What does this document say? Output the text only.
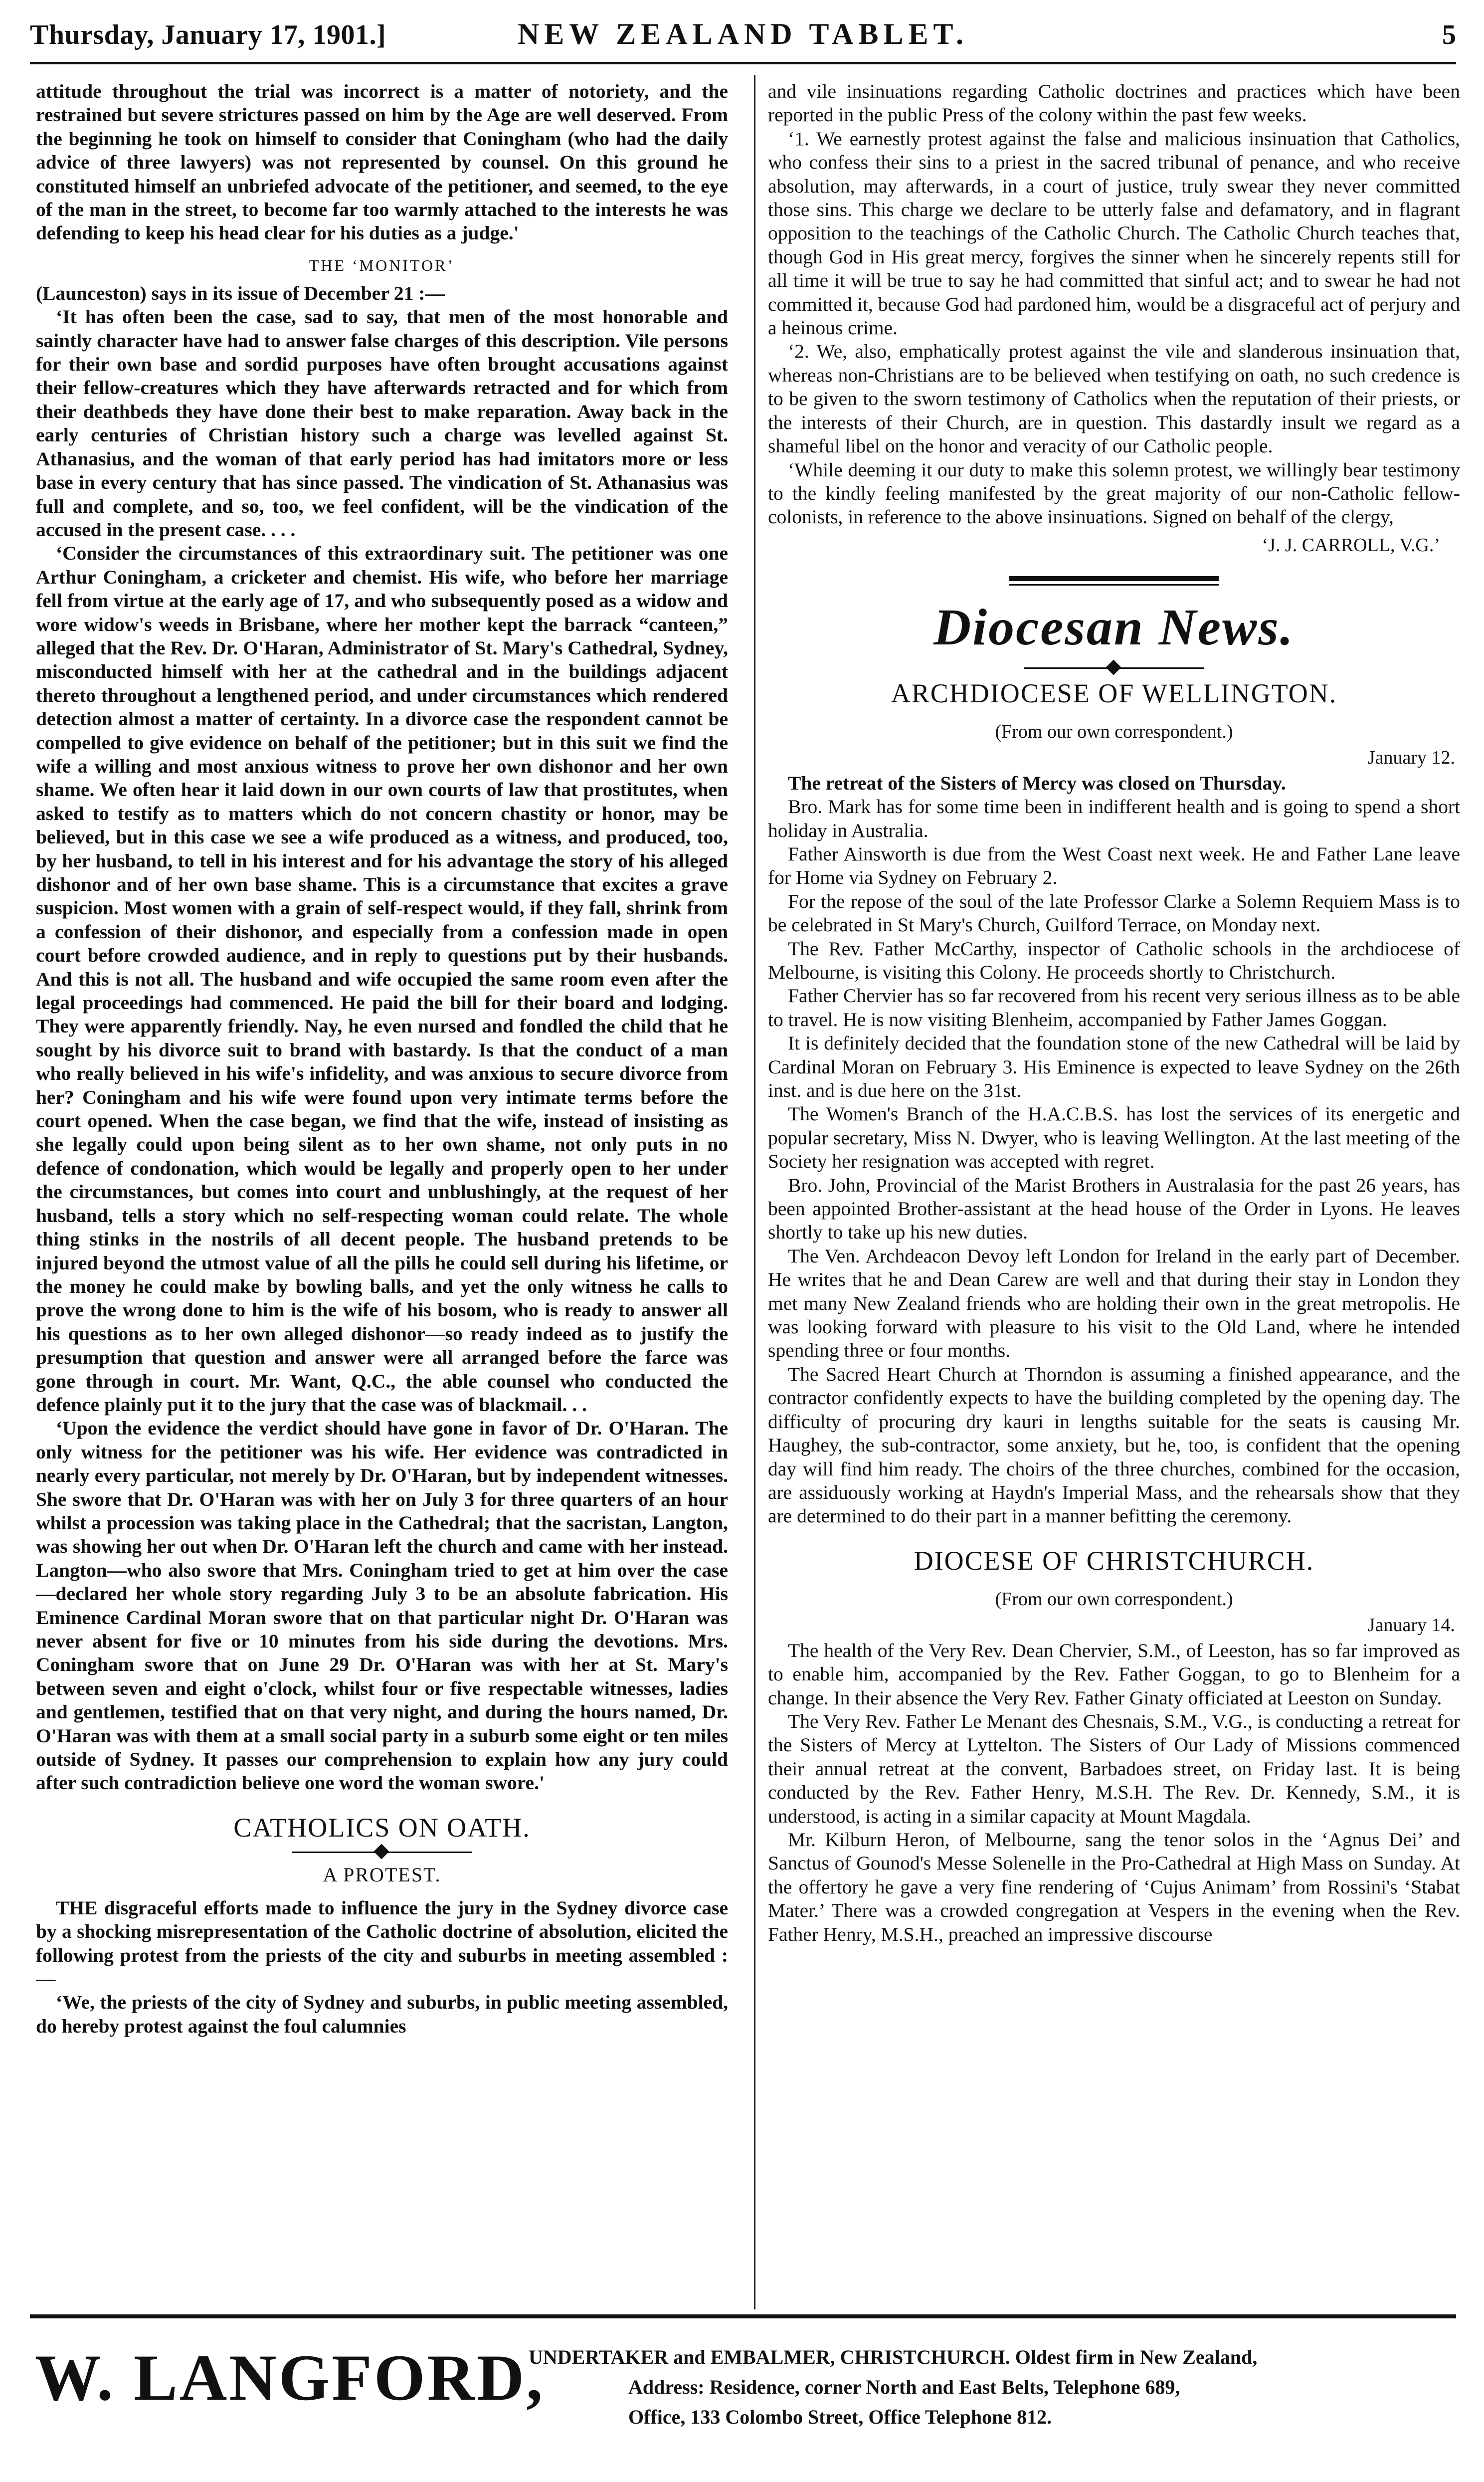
Thursday, January 17, 1901.]	NEW ZEALAND TABLET.	5

attitude throughout the trial was incorrect is a matter of notoriety, and the restrained but severe strictures passed on him by the Age are well deserved. From the beginning he took on himself to consider that Coningham (who had the daily advice of three lawyers) was not represented by counsel. On this ground he constituted himself an unbriefed advocate of the petitioner, and seemed, to the eye of the man in the street, to become far too warmly attached to the interests he was defending to keep his head clear for his duties as a judge.'

THE ‘MONITOR’

(Launceston) says in its issue of December 21 :—

‘It has often been the case, sad to say, that men of the most honorable and saintly character have had to answer false charges of this description. Vile persons for their own base and sordid purposes have often brought accusations against their fellow-creatures which they have afterwards retracted and for which from their deathbeds they have done their best to make reparation. Away back in the early centuries of Christian history such a charge was levelled against St. Athanasius, and the woman of that early period has had imitators more or less base in every century that has since passed. The vindication of St. Athanasius was full and complete, and so, too, we feel confident, will be the vindication of the accused in the present case. . . .

‘Consider the circumstances of this extraordinary suit. The petitioner was one Arthur Coningham, a cricketer and chemist. His wife, who before her marriage fell from virtue at the early age of 17, and who subsequently posed as a widow and wore widow's weeds in Brisbane, where her mother kept the barrack “canteen,” alleged that the Rev. Dr. O'Haran, Administrator of St. Mary's Cathedral, Sydney, misconducted himself with her at the cathedral and in the buildings adjacent thereto throughout a lengthened period, and under circumstances which rendered detection almost a matter of certainty. In a divorce case the respondent cannot be compelled to give evidence on behalf of the petitioner; but in this suit we find the wife a willing and most anxious witness to prove her own dishonor and her own shame. We often hear it laid down in our own courts of law that prostitutes, when asked to testify as to matters which do not concern chastity or honor, may be believed, but in this case we see a wife produced as a witness, and produced, too, by her husband, to tell in his interest and for his advantage the story of his alleged dishonor and of her own base shame. This is a circumstance that excites a grave suspicion. Most women with a grain of self-respect would, if they fall, shrink from a confession of their dishonor, and especially from a confession made in open court before crowded audience, and in reply to questions put by their husbands. And this is not all. The husband and wife occupied the same room even after the legal proceedings had commenced. He paid the bill for their board and lodging. They were apparently friendly. Nay, he even nursed and fondled the child that he sought by his divorce suit to brand with bastardy. Is that the conduct of a man who really believed in his wife's infidelity, and was anxious to secure divorce from her? Coningham and his wife were found upon very intimate terms before the court opened. When the case began, we find that the wife, instead of insisting as she legally could upon being silent as to her own shame, not only puts in no defence of condonation, which would be legally and properly open to her under the circumstances, but comes into court and unblushingly, at the request of her husband, tells a story which no self-respecting woman could relate. The whole thing stinks in the nostrils of all decent people. The husband pretends to be injured beyond the utmost value of all the pills he could sell during his lifetime, or the money he could make by bowling balls, and yet the only witness he calls to prove the wrong done to him is the wife of his bosom, who is ready to answer all his questions as to her own alleged dishonor—so ready indeed as to justify the presumption that question and answer were all arranged before the farce was gone through in court. Mr. Want, Q.C., the able counsel who conducted the defence plainly put it to the jury that the case was of blackmail. . .

‘Upon the evidence the verdict should have gone in favor of Dr. O'Haran. The only witness for the petitioner was his wife. Her evidence was contradicted in nearly every particular, not merely by Dr. O'Haran, but by independent witnesses. She swore that Dr. O'Haran was with her on July 3 for three quarters of an hour whilst a procession was taking place in the Cathedral; that the sacristan, Langton, was showing her out when Dr. O'Haran left the church and came with her instead. Langton—who also swore that Mrs. Coningham tried to get at him over the case—declared her whole story regarding July 3 to be an absolute fabrication. His Eminence Cardinal Moran swore that on that particular night Dr. O'Haran was never absent for five or 10 minutes from his side during the devotions. Mrs. Coningham swore that on June 29 Dr. O'Haran was with her at St. Mary's between seven and eight o'clock, whilst four or five respectable witnesses, ladies and gentlemen, testified that on that very night, and during the hours named, Dr. O'Haran was with them at a small social party in a suburb some eight or ten miles outside of Sydney. It passes our comprehension to explain how any jury could after such contradiction believe one word the woman swore.'

CATHOLICS ON OATH.
A PROTEST.

THE disgraceful efforts made to influence the jury in the Sydney divorce case by a shocking misrepresentation of the Catholic doctrine of absolution, elicited the following protest from the priests of the city and suburbs in meeting assembled :—

‘We, the priests of the city of Sydney and suburbs, in public meeting assembled, do hereby protest against the foul calumnies

and vile insinuations regarding Catholic doctrines and practices which have been reported in the public Press of the colony within the past few weeks.

‘1. We earnestly protest against the false and malicious insinuation that Catholics, who confess their sins to a priest in the sacred tribunal of penance, and who receive absolution, may afterwards, in a court of justice, truly swear they never committed those sins. This charge we declare to be utterly false and defamatory, and in flagrant opposition to the teachings of the Catholic Church. The Catholic Church teaches that, though God in His great mercy, forgives the sinner when he sincerely repents still for all time it will be true to say he had committed that sinful act; and to swear he had not committed it, because God had pardoned him, would be a disgraceful act of perjury and a heinous crime.

‘2. We, also, emphatically protest against the vile and slanderous insinuation that, whereas non-Christians are to be believed when testifying on oath, no such credence is to be given to the sworn testimony of Catholics when the reputation of their priests, or the interests of their Church, are in question. This dastardly insult we regard as a shameful libel on the honor and veracity of our Catholic people.

‘While deeming it our duty to make this solemn protest, we willingly bear testimony to the kindly feeling manifested by the great majority of our non-Catholic fellow-colonists, in reference to the above insinuations. Signed on behalf of the clergy,

‘J. J. CARROLL, V.G.’
Diocesan News.
ARCHDIOCESE OF WELLINGTON.
(From our own correspondent.)
January 12.

The retreat of the Sisters of Mercy was closed on Thursday.

Bro. Mark has for some time been in indifferent health and is going to spend a short holiday in Australia.

Father Ainsworth is due from the West Coast next week. He and Father Lane leave for Home via Sydney on February 2.

For the repose of the soul of the late Professor Clarke a Solemn Requiem Mass is to be celebrated in St Mary's Church, Guilford Terrace, on Monday next.

The Rev. Father McCarthy, inspector of Catholic schools in the archdiocese of Melbourne, is visiting this Colony. He proceeds shortly to Christchurch.

Father Chervier has so far recovered from his recent very serious illness as to be able to travel. He is now visiting Blenheim, accompanied by Father James Goggan.

It is definitely decided that the foundation stone of the new Cathedral will be laid by Cardinal Moran on February 3. His Eminence is expected to leave Sydney on the 26th inst. and is due here on the 31st.

The Women's Branch of the H.A.C.B.S. has lost the services of its energetic and popular secretary, Miss N. Dwyer, who is leaving Wellington. At the last meeting of the Society her resignation was accepted with regret.

Bro. John, Provincial of the Marist Brothers in Australasia for the past 26 years, has been appointed Brother-assistant at the head house of the Order in Lyons. He leaves shortly to take up his new duties.

The Ven. Archdeacon Devoy left London for Ireland in the early part of December. He writes that he and Dean Carew are well and that during their stay in London they met many New Zealand friends who are holding their own in the great metropolis. He was looking forward with pleasure to his visit to the Old Land, where he intended spending three or four months.

The Sacred Heart Church at Thorndon is assuming a finished appearance, and the contractor confidently expects to have the building completed by the opening day. The difficulty of procuring dry kauri in lengths suitable for the seats is causing Mr. Haughey, the sub-contractor, some anxiety, but he, too, is confident that the opening day will find him ready. The choirs of the three churches, combined for the occasion, are assiduously working at Haydn's Imperial Mass, and the rehearsals show that they are determined to do their part in a manner befitting the ceremony.

DIOCESE OF CHRISTCHURCH.
(From our own correspondent.)
January 14.

The health of the Very Rev. Dean Chervier, S.M., of Leeston, has so far improved as to enable him, accompanied by the Rev. Father Goggan, to go to Blenheim for a change. In their absence the Very Rev. Father Ginaty officiated at Leeston on Sunday.

The Very Rev. Father Le Menant des Chesnais, S.M., V.G., is conducting a retreat for the Sisters of Mercy at Lyttelton. The Sisters of Our Lady of Missions commenced their annual retreat at the convent, Barbadoes street, on Friday last. It is being conducted by the Rev. Father Henry, M.S.H. The Rev. Dr. Kennedy, S.M., it is understood, is acting in a similar capacity at Mount Magdala.

Mr. Kilburn Heron, of Melbourne, sang the tenor solos in the ‘Agnus Dei’ and Sanctus of Gounod's Messe Solenelle in the Pro-Cathedral at High Mass on Sunday. At the offertory he gave a very fine rendering of ‘Cujus Animam’ from Rossini's ‘Stabat Mater.’ There was a crowded congregation at Vespers in the evening when the Rev. Father Henry, M.S.H., preached an impressive discourse

W. LANGFORD,
UNDERTAKER and EMBALMER, CHRISTCHURCH. Oldest firm in New Zealand,
Address: Residence, corner North and East Belts, Telephone 689,
Office, 133 Colombo Street, Office Telephone 812.
